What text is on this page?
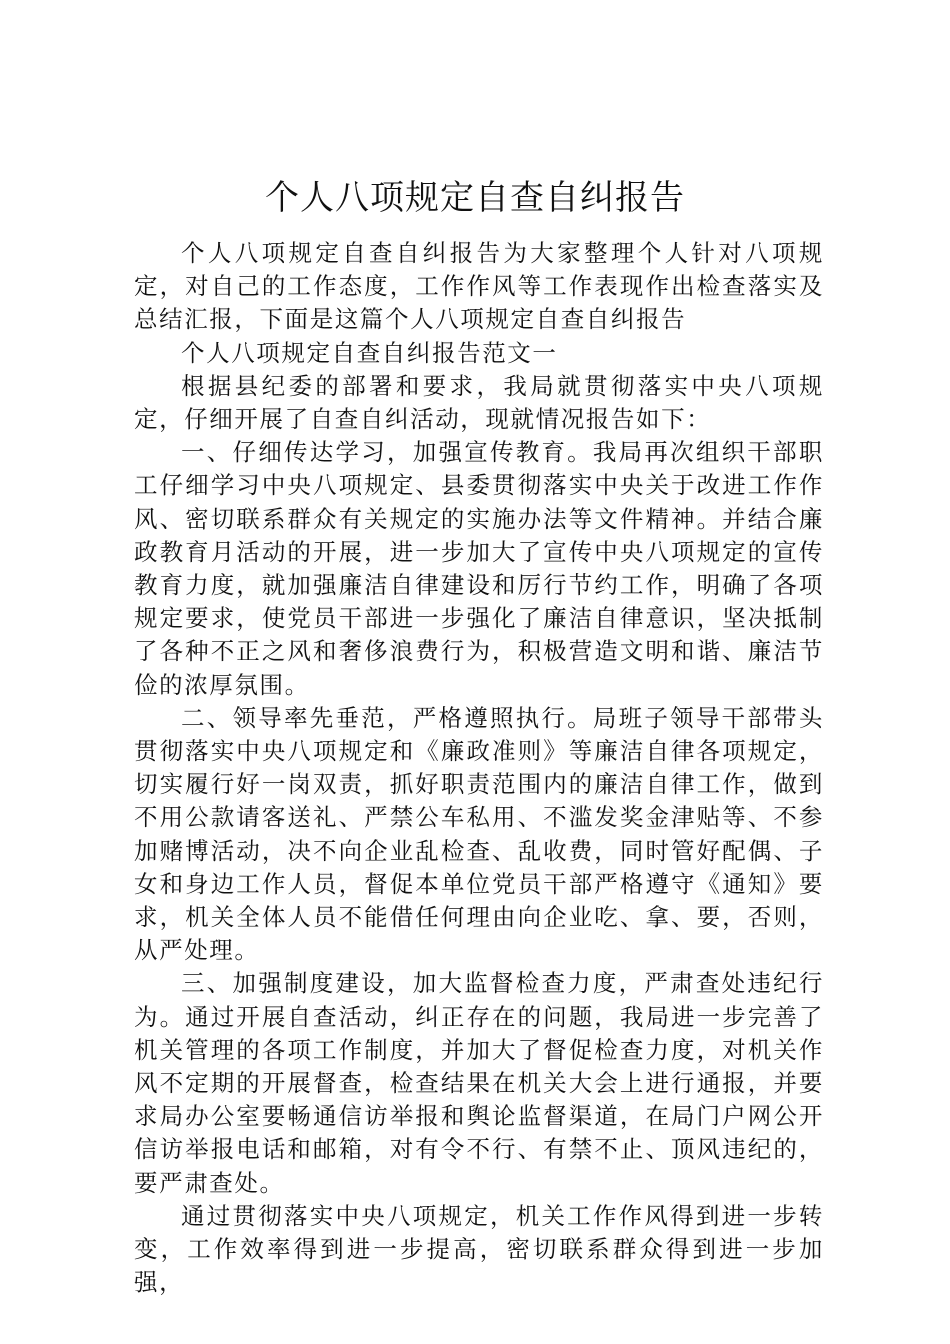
个人八项规定自查自纠报告

个人八项规定自查自纠报告为大家整理个人针对八项规定，对自己的工作态度，工作作风等工作表现作出检查落实及总结汇报，下面是这篇个人八项规定自查自纠报告

个人八项规定自查自纠报告范文一

根据县纪委的部署和要求，我局就贯彻落实中央八项规定，仔细开展了自查自纠活动，现就情况报告如下：

一、仔细传达学习，加强宣传教育。我局再次组织干部职工仔细学习中央八项规定、县委贯彻落实中央关于改进工作作风、密切联系群众有关规定的实施办法等文件精神。并结合廉政教育月活动的开展，进一步加大了宣传中央八项规定的宣传教育力度，就加强廉洁自律建设和厉行节约工作，明确了各项规定要求，使党员干部进一步强化了廉洁自律意识，坚决抵制了各种不正之风和奢侈浪费行为，积极营造文明和谐、廉洁节俭的浓厚氛围。

二、领导率先垂范，严格遵照执行。局班子领导干部带头贯彻落实中央八项规定和《廉政准则》等廉洁自律各项规定，切实履行好一岗双责，抓好职责范围内的廉洁自律工作，做到不用公款请客送礼、严禁公车私用、不滥发奖金津贴等、不参加赌博活动，决不向企业乱检查、乱收费，同时管好配偶、子女和身边工作人员，督促本单位党员干部严格遵守《通知》要求，机关全体人员不能借任何理由向企业吃、拿、要，否则，从严处理。

三、加强制度建设，加大监督检查力度，严肃查处违纪行为。通过开展自查活动，纠正存在的问题，我局进一步完善了机关管理的各项工作制度，并加大了督促检查力度，对机关作风不定期的开展督查，检查结果在机关大会上进行通报，并要求局办公室要畅通信访举报和舆论监督渠道，在局门户网公开信访举报电话和邮箱，对有令不行、有禁不止、顶风违纪的，要严肃查处。

通过贯彻落实中央八项规定，机关工作作风得到进一步转变，工作效率得到进一步提高，密切联系群众得到进一步加强，
